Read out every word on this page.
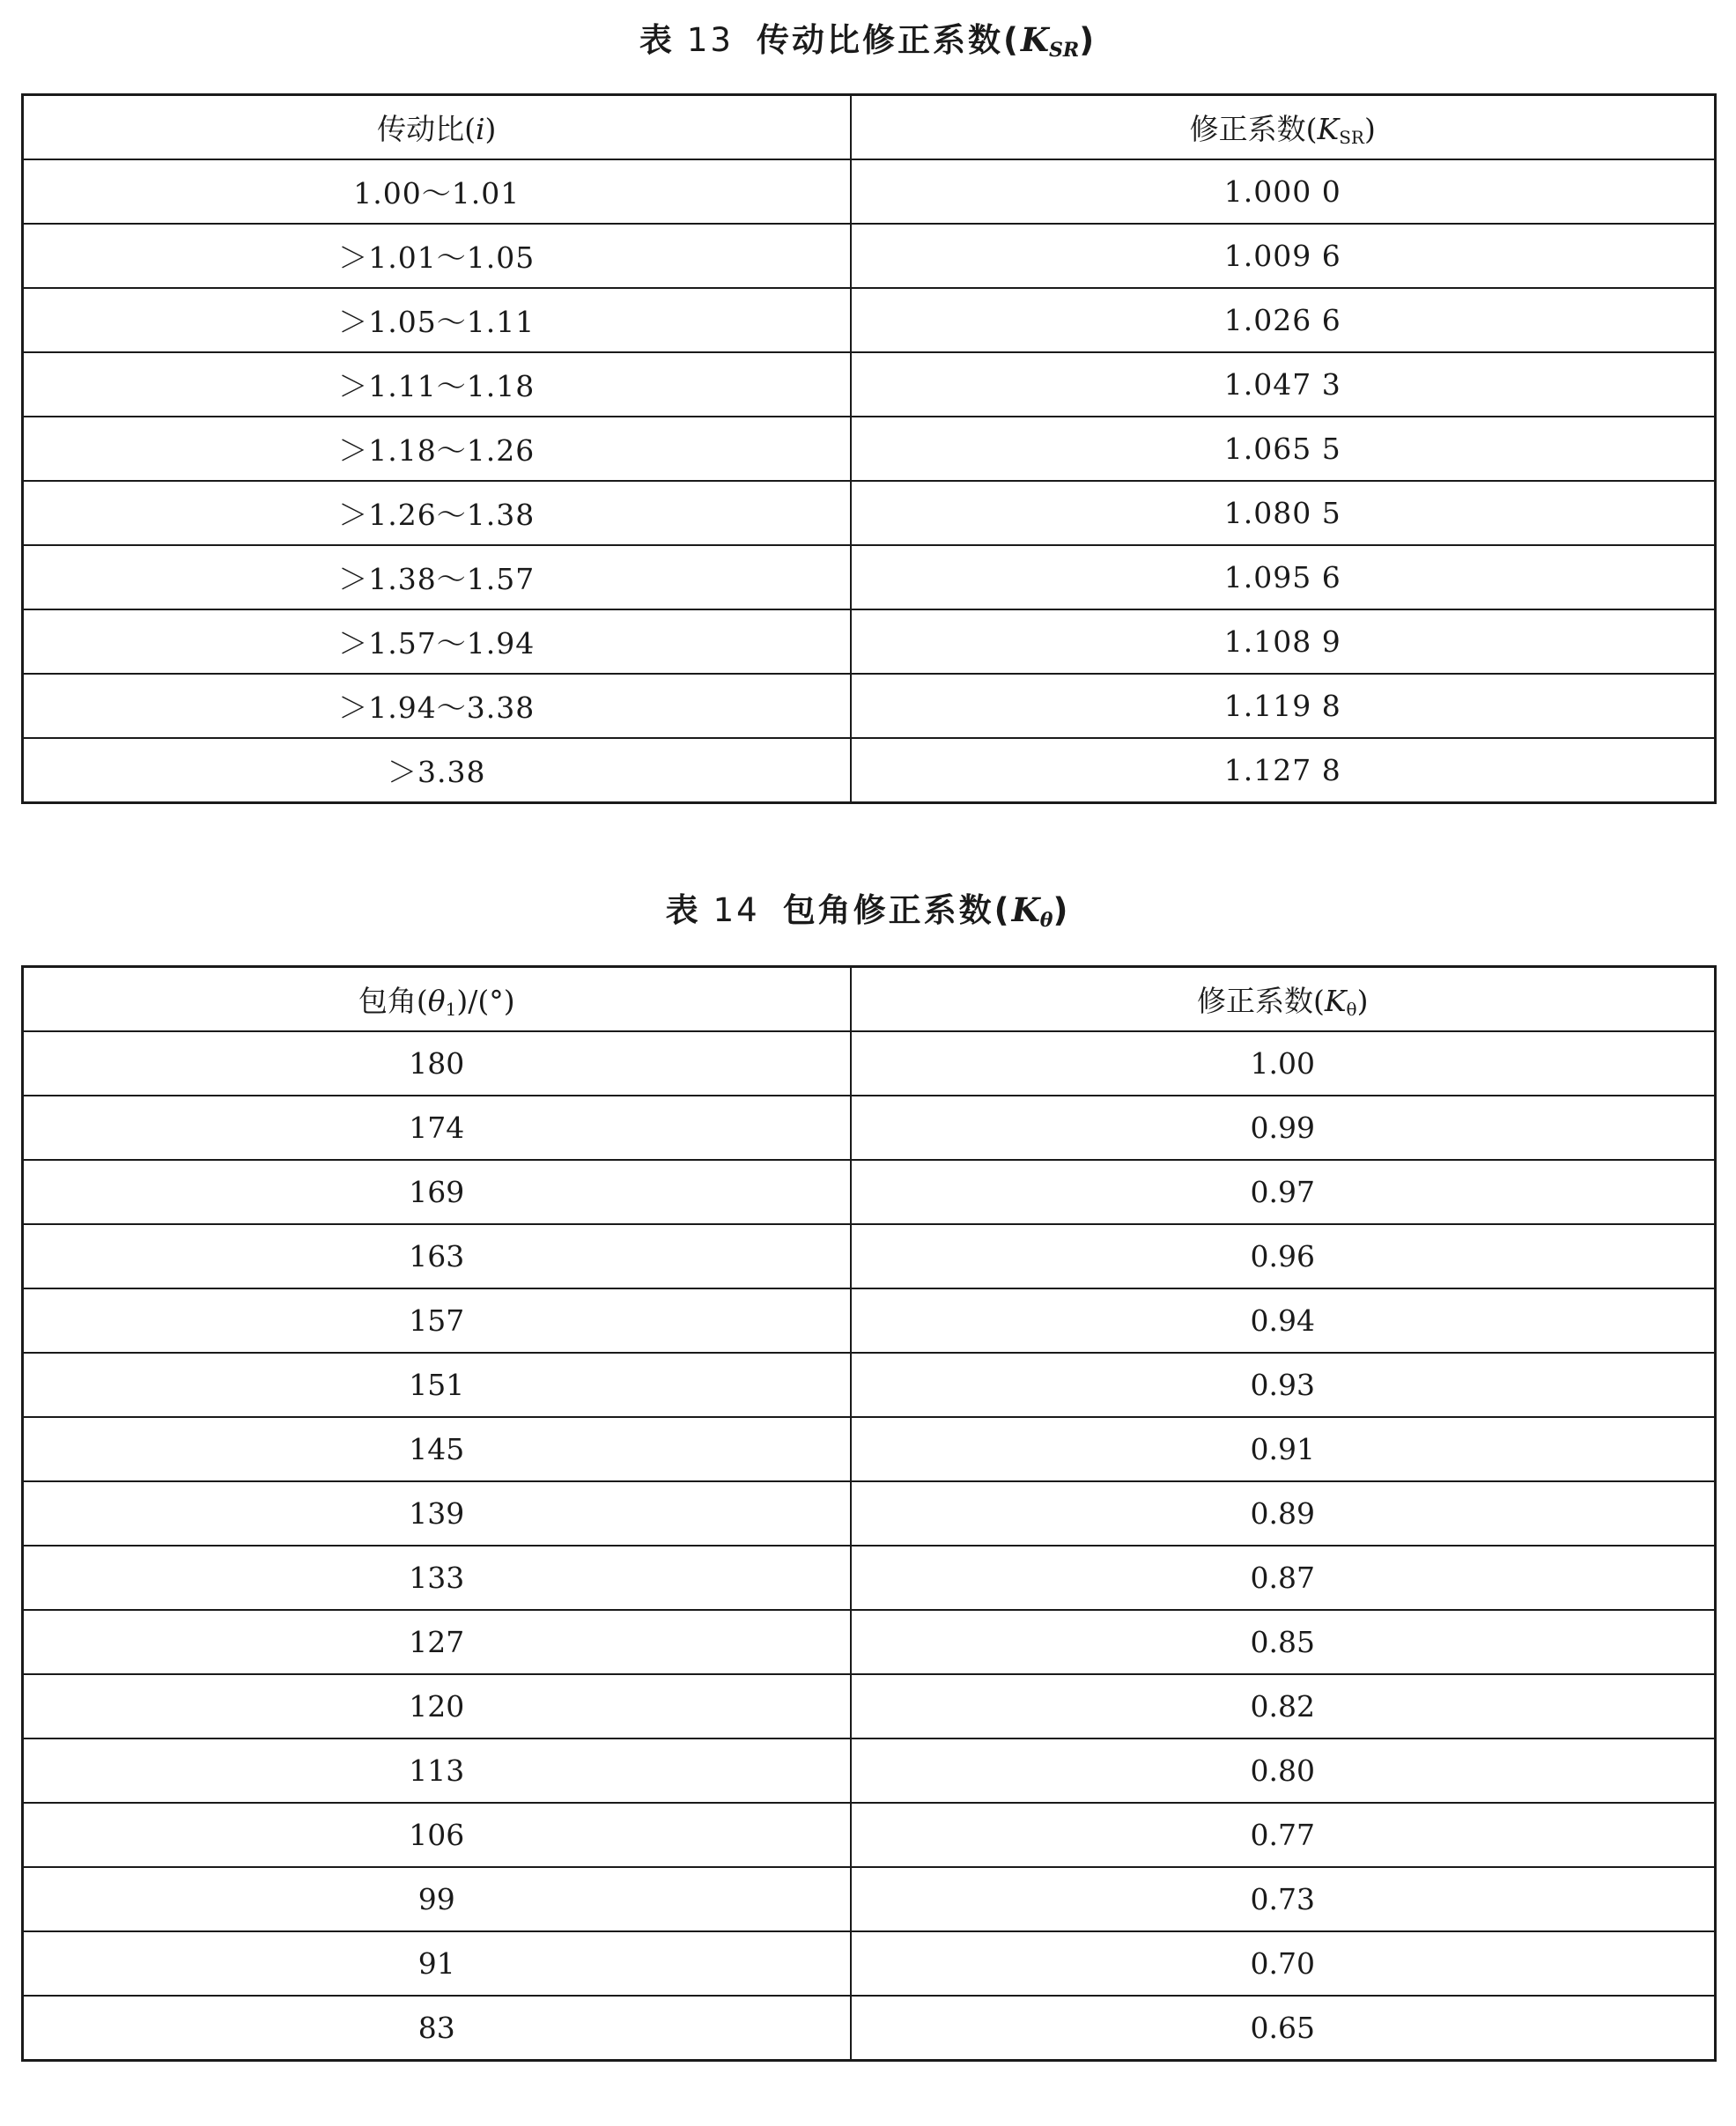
表 13 传动比修正系数$(K_{SR})$
传动比(i)	修正系数$(K_{SR})$
1.00～1.01	1.000 0
＞1.01～1.05	1.009 6
＞1.05～1.11	1.026 6
＞1.11～1.18	1.047 3
＞1.18～1.26	1.065 5
＞1.26～1.38	1.080 5
＞1.38～1.57	1.095 6
＞1.57～1.94	1.108 9
＞1.94～3.38	1.119 8
＞3.38	1.127 8
表 14 包角修正系数$(K_\theta)$
包角$(\theta_1)/(^\circ)$	修正系数$(K_\theta)$
180	1.00
174	0.99
169	0.97
163	0.96
157	0.94
151	0.93
145	0.91
139	0.89
133	0.87
127	0.85
120	0.82
113	0.80
106	0.77
99	0.73
91	0.70
83	0.65
